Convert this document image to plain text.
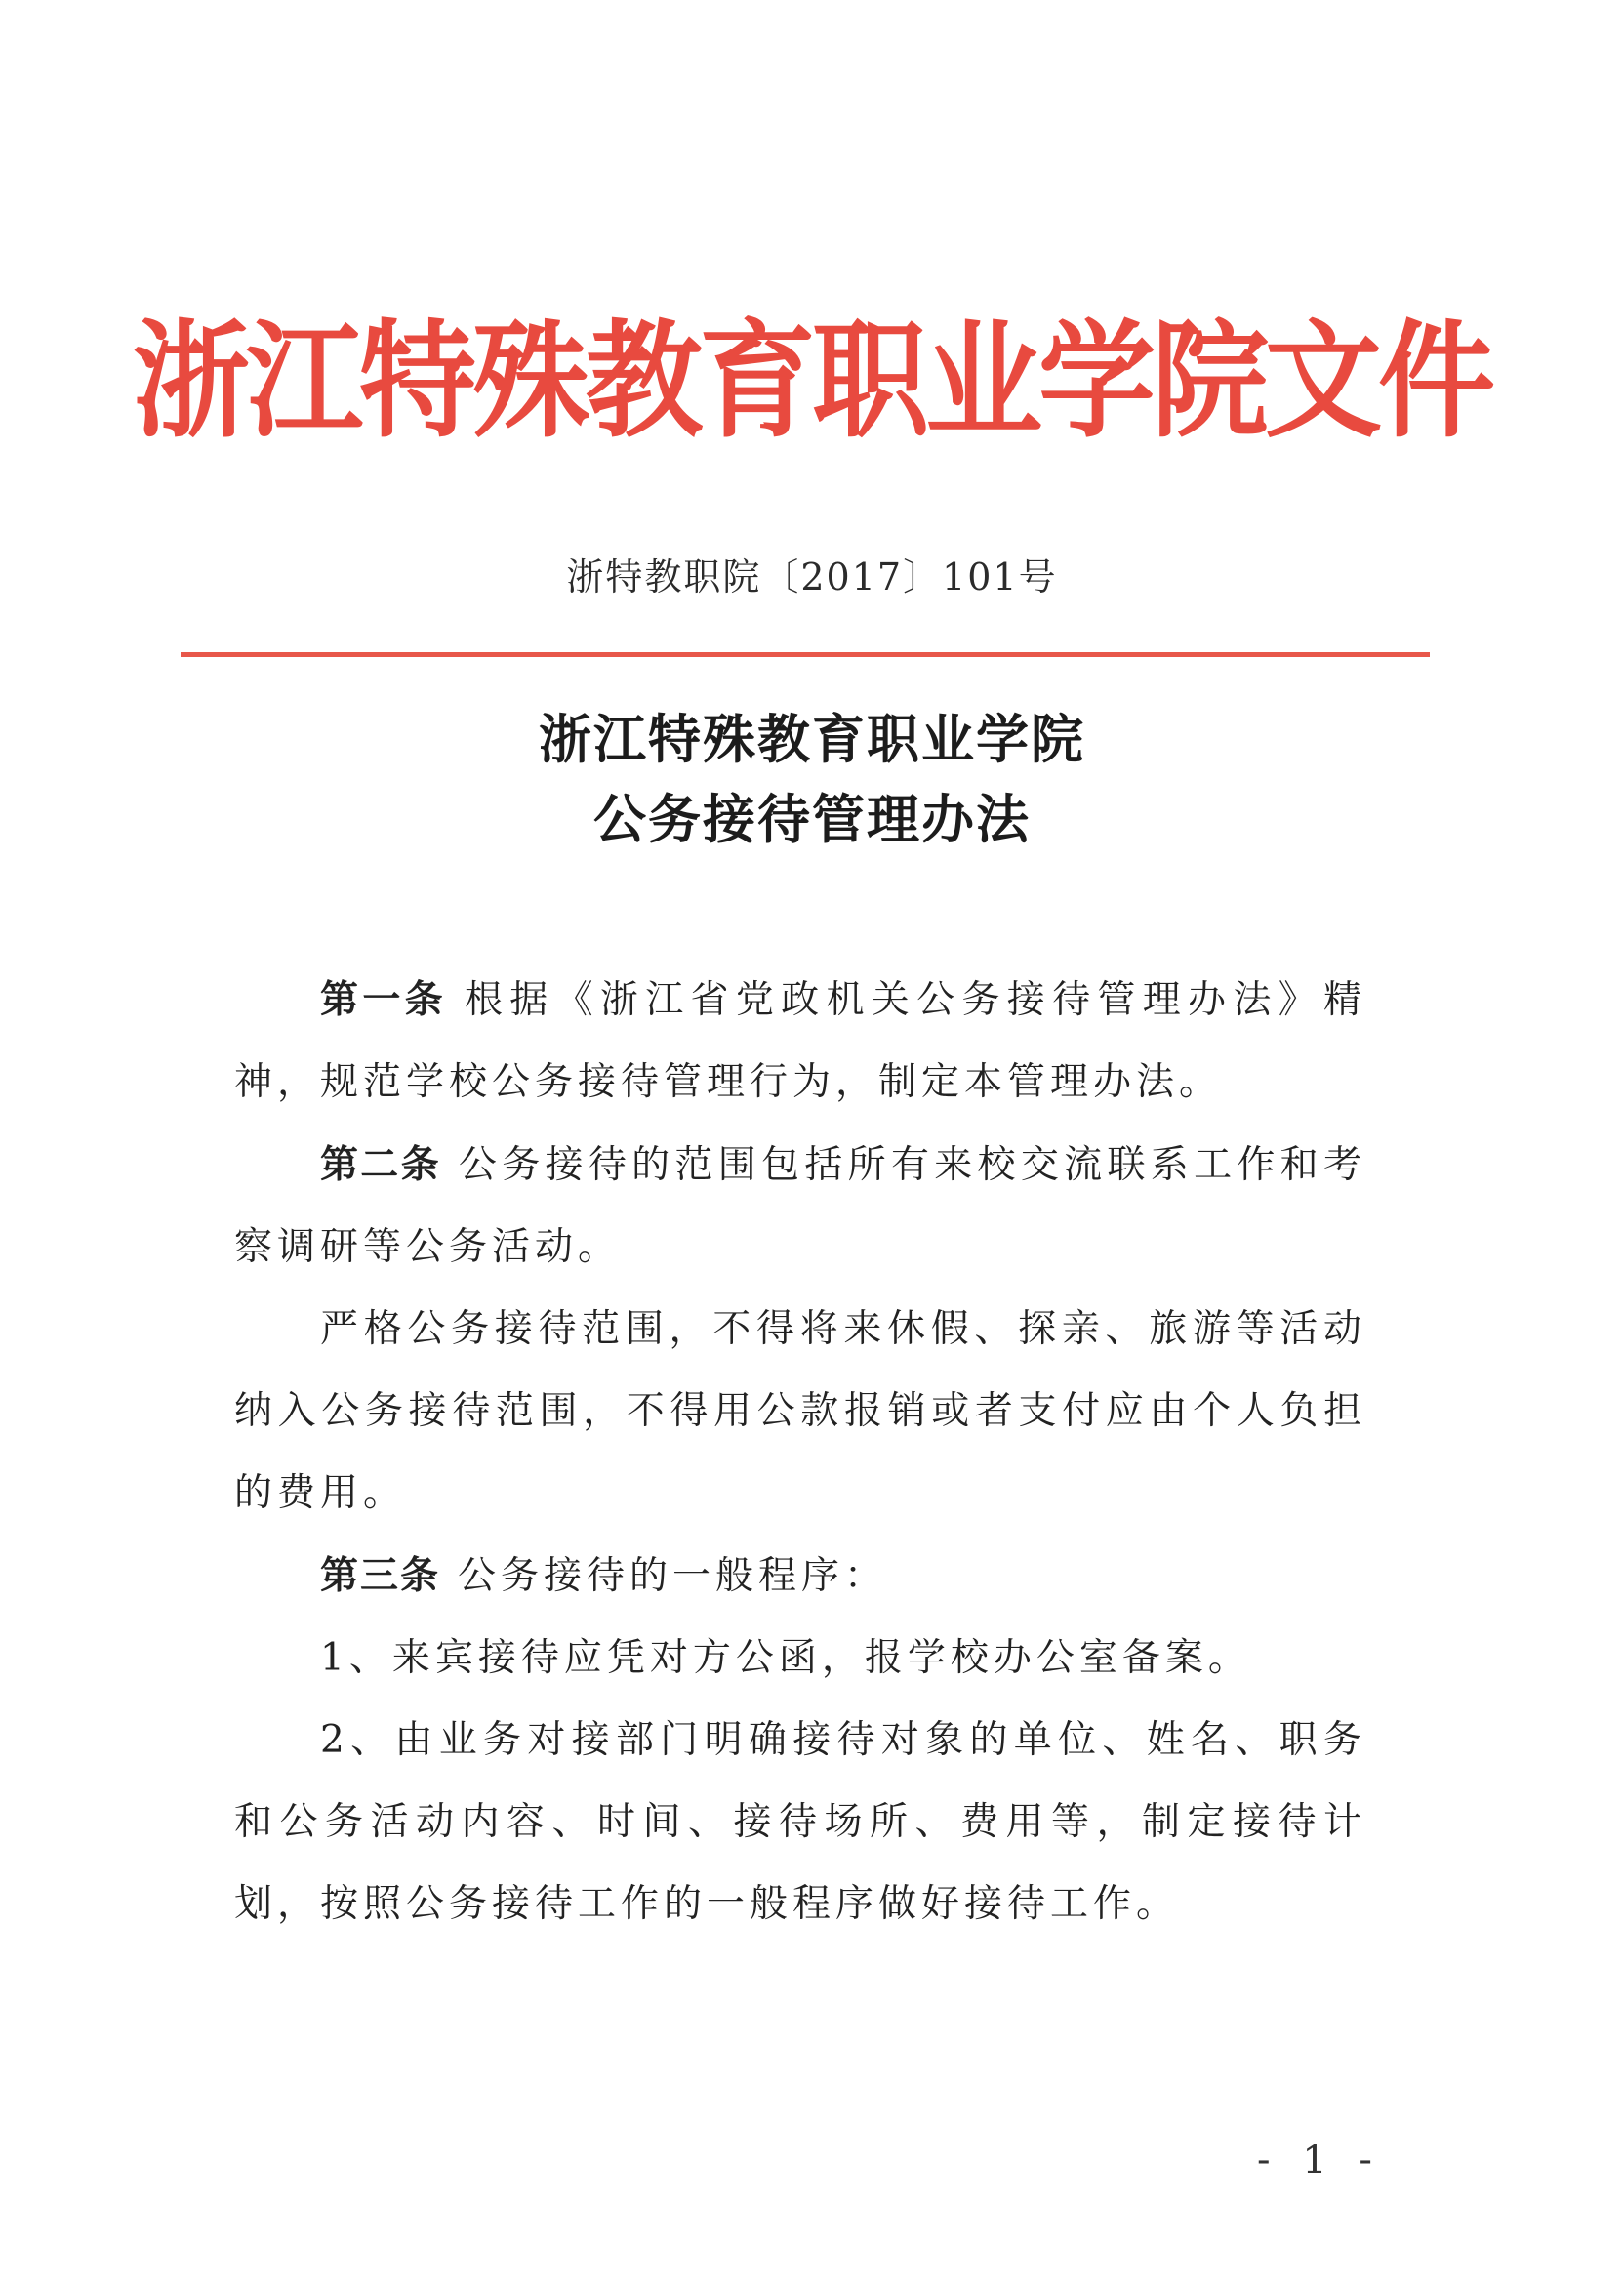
浙江特殊教育职业学院文件
浙特教职院〔2017〕101号
浙江特殊教育职业学院
公务接待管理办法

第一条 根据《浙江省党政机关公务接待管理办法》精神，规范学校公务接待管理行为，制定本管理办法。

第二条 公务接待的范围包括所有来校交流联系工作和考察调研等公务活动。

严格公务接待范围，不得将来休假、探亲、旅游等活动纳入公务接待范围，不得用公款报销或者支付应由个人负担的费用。

第三条 公务接待的一般程序：

1、来宾接待应凭对方公函，报学校办公室备案。

2、由业务对接部门明确接待对象的单位、姓名、职务和公务活动内容、时间、接待场所、费用等，制定接待计划，按照公务接待工作的一般程序做好接待工作。

- 1 -
